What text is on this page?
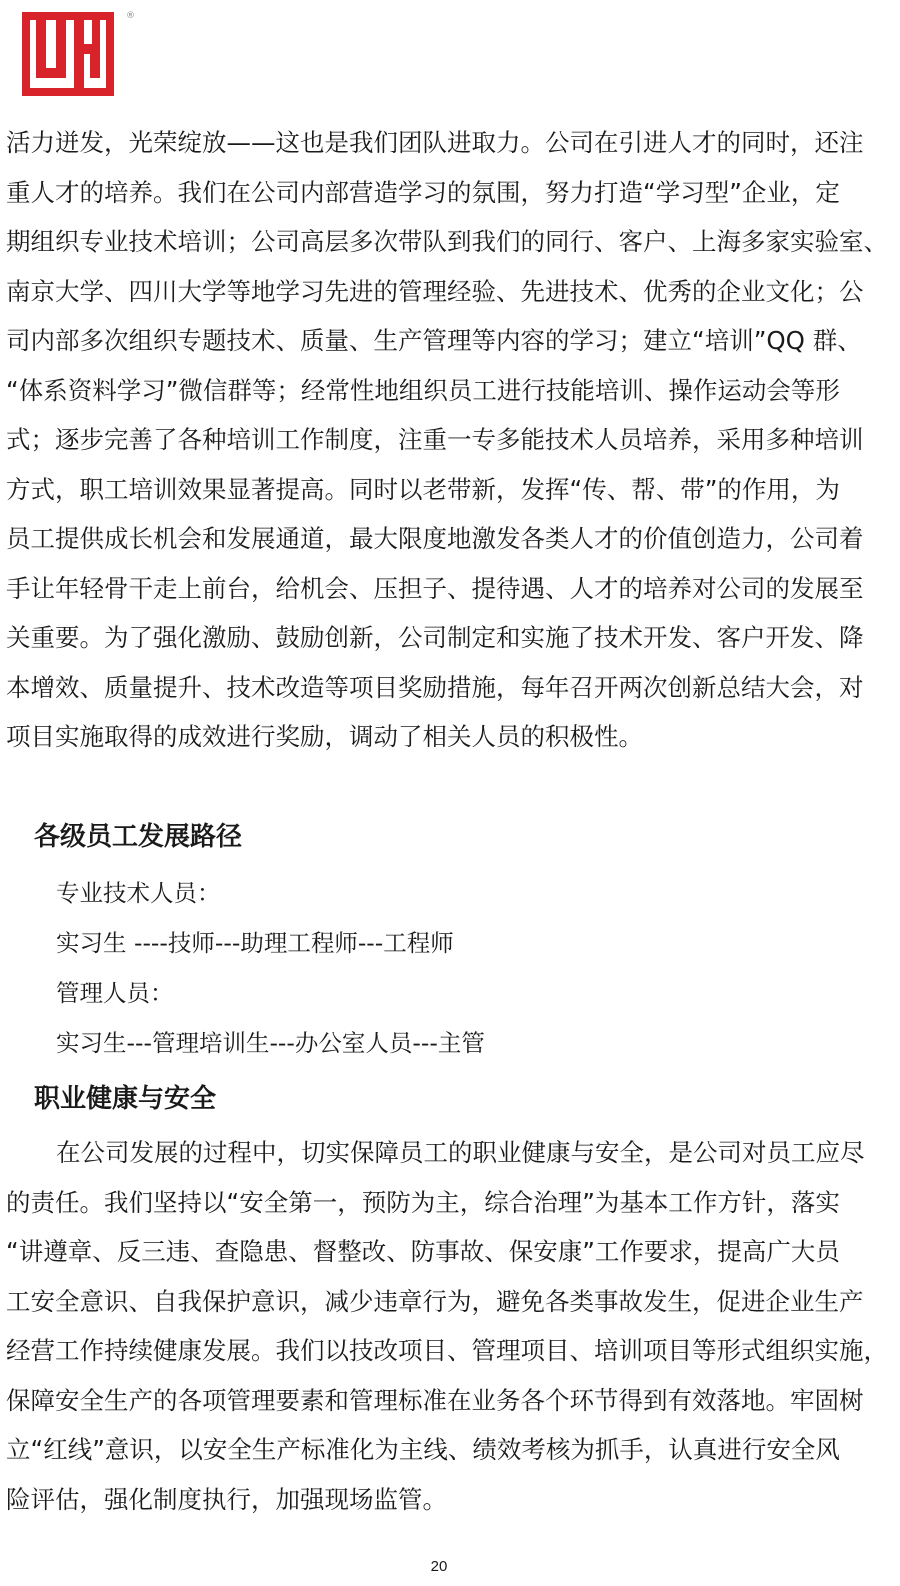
®
活力迸发，光荣绽放——这也是我们团队进取力。公司在引进人才的同时，还注
重人才的培养。我们在公司内部营造学习的氛围，努力打造“学习型”企业，定
期组织专业技术培训；公司高层多次带队到我们的同行、客户、上海多家实验室、
南京大学、四川大学等地学习先进的管理经验、先进技术、优秀的企业文化；公
司内部多次组织专题技术、质量、生产管理等内容的学习；建立“培训”QQ 群、
“体系资料学习”微信群等；经常性地组织员工进行技能培训、操作运动会等形
式；逐步完善了各种培训工作制度，注重一专多能技术人员培养，采用多种培训
方式，职工培训效果显著提高。同时以老带新，发挥“传、帮、带”的作用，为
员工提供成长机会和发展通道，最大限度地激发各类人才的价值创造力，公司着
手让年轻骨干走上前台，给机会、压担子、提待遇、人才的培养对公司的发展至
关重要。为了强化激励、鼓励创新，公司制定和实施了技术开发、客户开发、降
本增效、质量提升、技术改造等项目奖励措施，每年召开两次创新总结大会，对
项目实施取得的成效进行奖励，调动了相关人员的积极性。
各级员工发展路径

专业技术人员：

实习生 ----技师---助理工程师---工程师

管理人员：

实习生---管理培训生---办公室人员---主管

职业健康与安全
在公司发展的过程中，切实保障员工的职业健康与安全，是公司对员工应尽
的责任。我们坚持以“安全第一，预防为主，综合治理”为基本工作方针，落实
“讲遵章、反三违、查隐患、督整改、防事故、保安康”工作要求，提高广大员
工安全意识、自我保护意识，减少违章行为，避免各类事故发生，促进企业生产
经营工作持续健康发展。我们以技改项目、管理项目、培训项目等形式组织实施，
保障安全生产的各项管理要素和管理标准在业务各个环节得到有效落地。牢固树
立“红线”意识，以安全生产标准化为主线、绩效考核为抓手，认真进行安全风
险评估，强化制度执行，加强现场监管。
20
